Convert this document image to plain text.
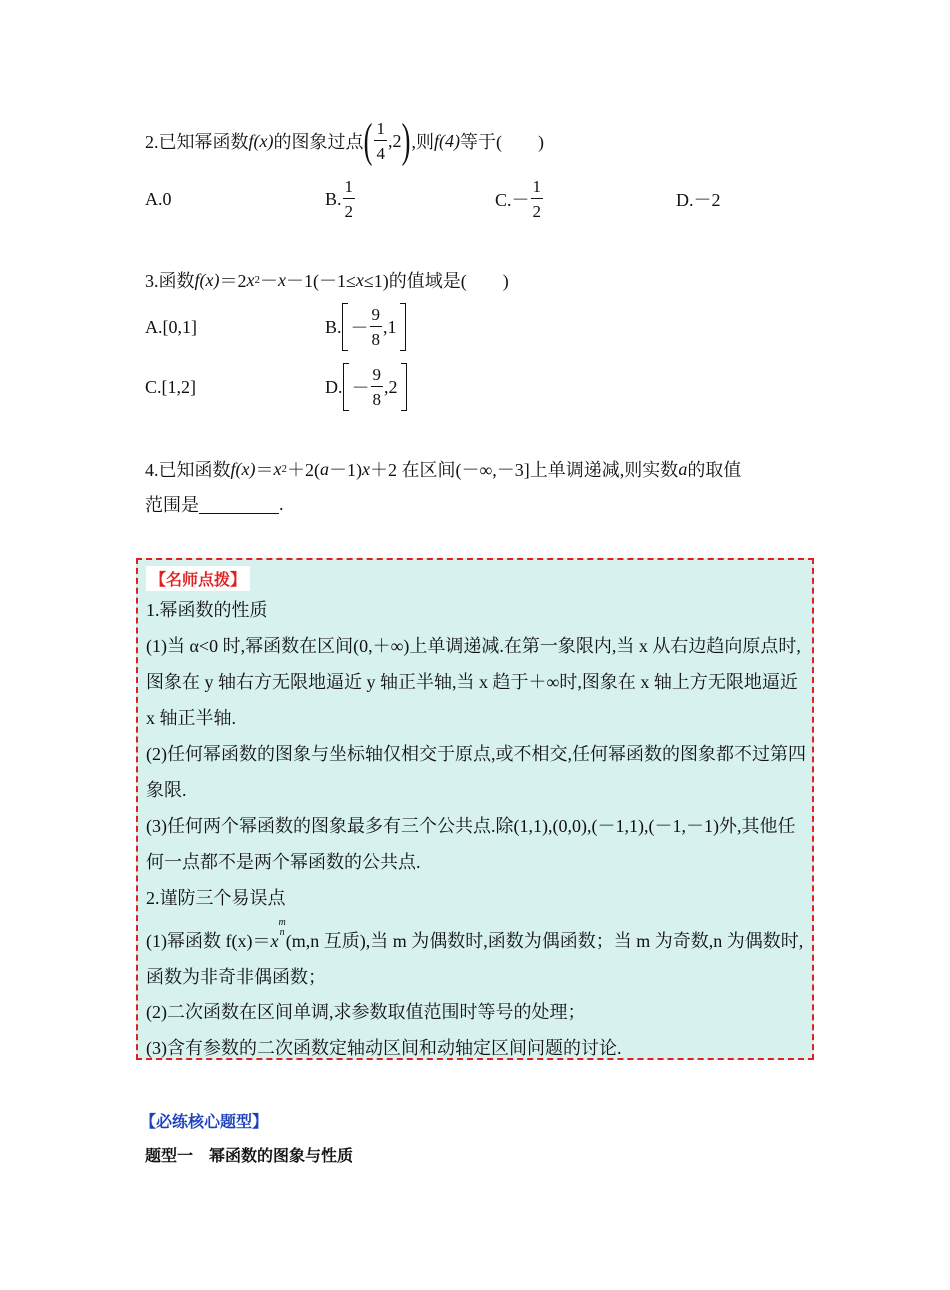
2.已知幂函数 f(x) 的图象过点 ( $\frac{1}{4} ,2$ ) ,则 f(4) 等于(　　)
A.0	B. $\frac{1}{2}$	$C.- \frac{1}{2}$	D.－2
3.函数 f(x) ＝2 x 2 － x －1(－1≤ x ≤1)的值域是(　　)
A.[0,1]	B. － $\frac{9}{8} ,1$
C.[1,2]	D. － $\frac{9}{8} ,2$
4.已知函数 f(x) ＝ x 2 ＋2( a －1) x ＋2 在区间(－∞,－3]上单调递减,则实数 a 的取值
范围是	.
【名师点拨】
1.幂函数的性质
(1)当 α<0 时,幂函数在区间(0,＋∞)上单调递减.在第一象限内,当 x 从右边趋向原点时,图象在 y 轴右方无限地逼近 y 轴正半轴,当 x 趋于＋∞时,图象在 x 轴上方无限地逼近 x 轴正半轴.
(2)任何幂函数的图象与坐标轴仅相交于原点,或不相交,任何幂函数的图象都不过第四象限.
(3)任何两个幂函数的图象最多有三个公共点.除(1,1),(0,0),(－1,1),(－1,－1)外,其他任何一点都不是两个幂函数的公共点.
2.谨防三个易误点
(1)幂函数 f(x)＝x
m
n (m,n 互质),当 m 为偶数时,函数为偶函数；当 m 为奇数,n 为偶数时,函数为非奇非偶函数；
(2)二次函数在区间单调,求参数取值范围时等号的处理；
(3)含有参数的二次函数定轴动区间和动轴定区间问题的讨论.
【必练核心题型】
题型一　幂函数的图象与性质
